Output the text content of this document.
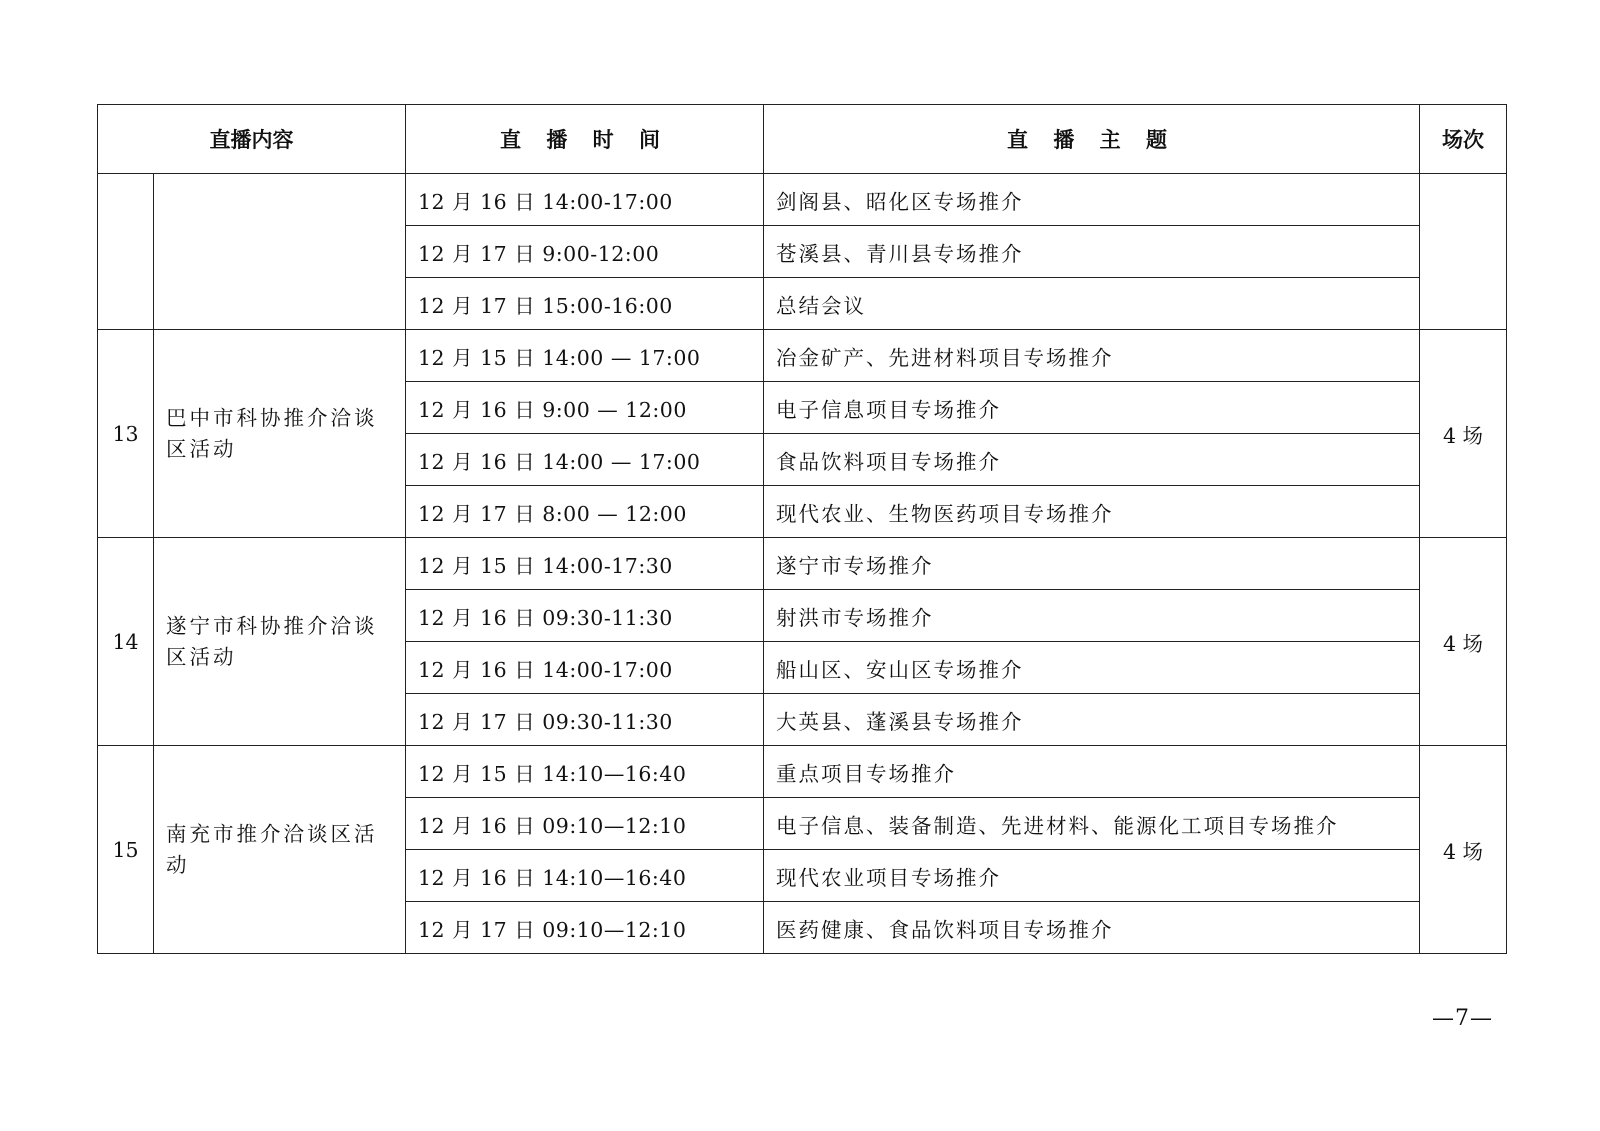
直播内容		直 播 时 间	直 播 主 题	场次
		12 月 16 日 14:00-17:00	剑阁县、昭化区专场推介	
		12 月 17 日 9:00-12:00	苍溪县、青川县专场推介	
		12 月 17 日 15:00-16:00	总结会议	
13	巴中市科协推介洽谈区活动	12 月 15 日 14:00 — 17:00	冶金矿产、先进材料项目专场推介	4 场
		12 月 16 日 9:00 — 12:00	电子信息项目专场推介	
		12 月 16 日 14:00 — 17:00	食品饮料项目专场推介	
		12 月 17 日 8:00 — 12:00	现代农业、生物医药项目专场推介	
14	遂宁市科协推介洽谈区活动	12 月 15 日 14:00-17:30	遂宁市专场推介	4 场
		12 月 16 日 09:30-11:30	射洪市专场推介	
		12 月 16 日 14:00-17:00	船山区、安山区专场推介	
		12 月 17 日 09:30-11:30	大英县、蓬溪县专场推介	
15	南充市推介洽谈区活动	12 月 15 日 14:10—16:40	重点项目专场推介	4 场
		12 月 16 日 09:10—12:10	电子信息、装备制造、先进材料、能源化工项目专场推介	
		12 月 16 日 14:10—16:40	现代农业项目专场推介	
		12 月 17 日 09:10—12:10	医药健康、食品饮料项目专场推介	
—7—
